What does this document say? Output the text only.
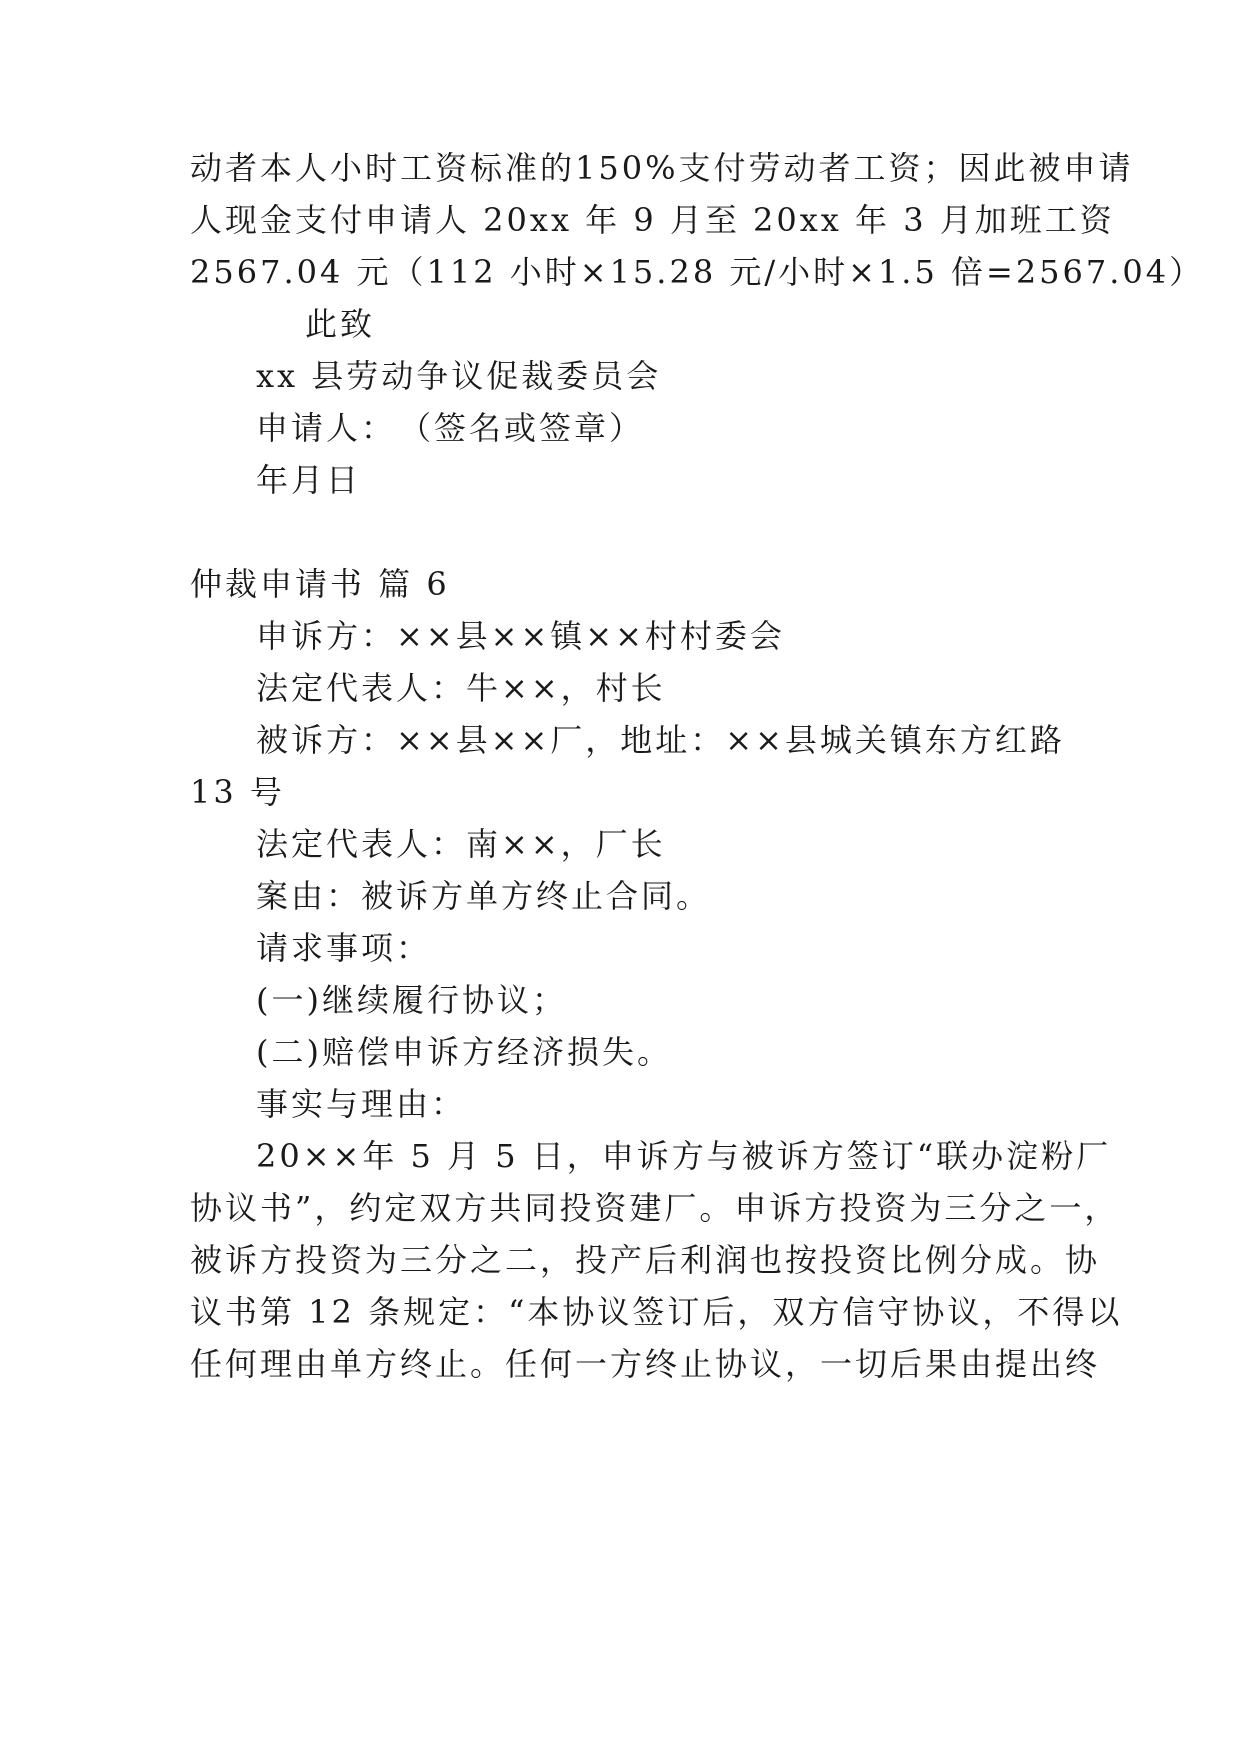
动者本人小时工资标准的150%支付劳动者工资；因此被申请
人现金支付申请人 20xx 年 9 月至 20xx 年 3 月加班工资
2567.04 元（112 小时×15.28 元/小时×1.5 倍=2567.04）
此致
xx 县劳动争议促裁委员会
申请人：　（签名或签章）
年月日
仲裁申请书 篇 6
申诉方：××县××镇××村村委会
法定代表人：牛××，村长
被诉方：××县××厂，地址：××县城关镇东方红路
13 号
法定代表人：南××，厂长
案由：被诉方单方终止合同。
请求事项：
(一)继续履行协议；
(二)赔偿申诉方经济损失。
事实与理由：
20××年 5 月 5 日，申诉方与被诉方签订“联办淀粉厂
协议书”，约定双方共同投资建厂。申诉方投资为三分之一，
被诉方投资为三分之二，投产后利润也按投资比例分成。协
议书第 12 条规定：“本协议签订后，双方信守协议，不得以
任何理由单方终止。任何一方终止协议，一切后果由提出终
